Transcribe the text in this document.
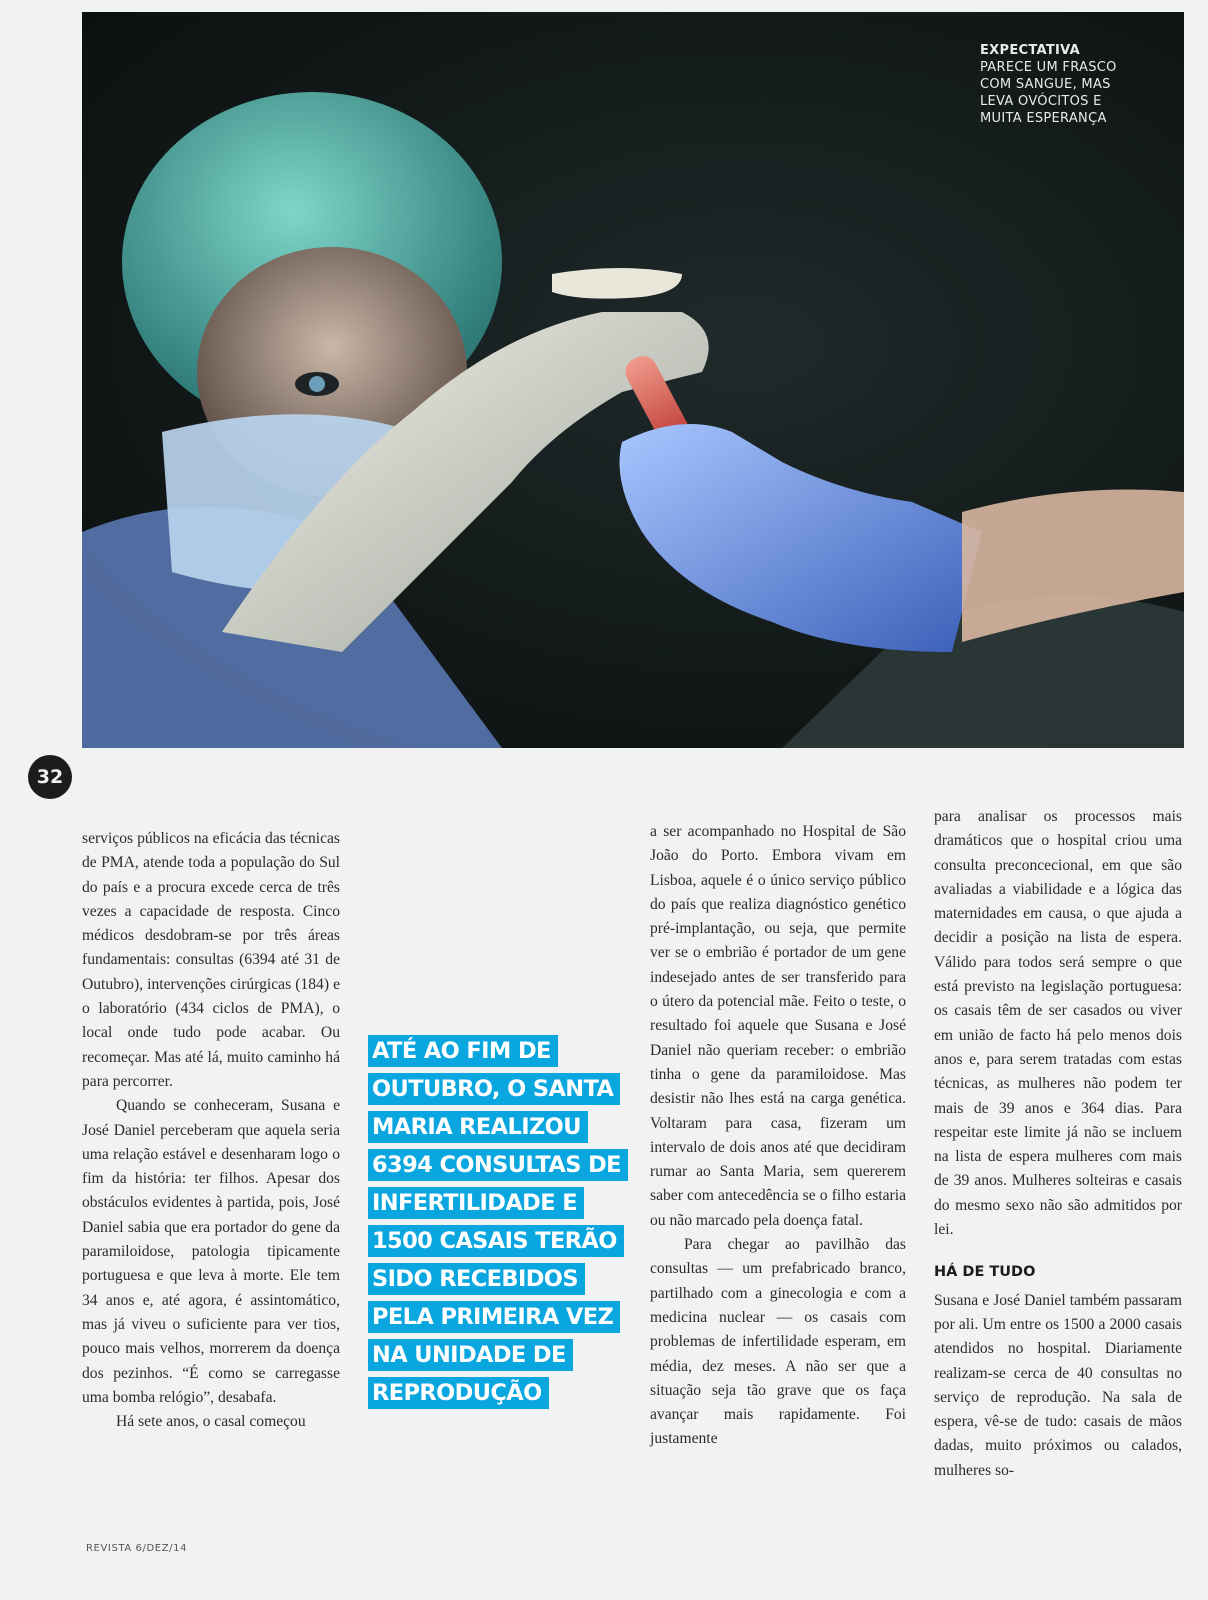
EXPECTATIVA
PARECE UM FRASCO COM SANGUE, MAS LEVA OVÓCITOS E MUITA ESPERANÇA
32

serviços públicos na eficácia das técnicas de PMA, atende toda a população do Sul do país e a procura excede cerca de três vezes a capacidade de resposta. Cinco médicos desdobram-se por três áreas fundamentais: consultas (6394 até 31 de Outubro), intervenções cirúrgicas (184) e o laboratório (434 ciclos de PMA), o local onde tudo pode acabar. Ou recomeçar. Mas até lá, muito caminho há para percorrer.

Quando se conheceram, Susana e José Daniel perceberam que aquela seria uma relação estável e desenharam logo o fim da história: ter filhos. Apesar dos obstáculos evidentes à partida, pois, José Daniel sabia que era portador do gene da paramiloidose, patologia tipicamente portuguesa e que leva à morte. Ele tem 34 anos e, até agora, é assintomático, mas já viveu o suficiente para ver tios, pouco mais velhos, morrerem da doença dos pezinhos. “É como se carregasse uma bomba relógio”, desabafa.

Há sete anos, o casal começou

ATÉ AO FIM DE OUTUBRO, O SANTA MARIA REALIZOU 6394 CONSULTAS DE INFERTILIDADE E 1500 CASAIS TERÃO SIDO RECEBIDOS PELA PRIMEIRA VEZ NA UNIDADE DE REPRODUÇÃO

a ser acompanhado no Hospital de São João do Porto. Embora vivam em Lisboa, aquele é o único serviço público do país que realiza diagnóstico genético pré-implantação, ou seja, que permite ver se o embrião é portador de um gene indesejado antes de ser transferido para o útero da potencial mãe. Feito o teste, o resultado foi aquele que Susana e José Daniel não queriam receber: o embrião tinha o gene da paramiloidose. Mas desistir não lhes está na carga genética. Voltaram para casa, fizeram um intervalo de dois anos até que decidiram rumar ao Santa Maria, sem quererem saber com antecedência se o filho estaria ou não marcado pela doença fatal.

Para chegar ao pavilhão das consultas — um prefabricado branco, partilhado com a ginecologia e com a medicina nuclear — os casais com problemas de infertilidade esperam, em média, dez meses. A não ser que a situação seja tão grave que os faça avançar mais rapidamente. Foi justamente

para analisar os processos mais dramáticos que o hospital criou uma consulta preconcecional, em que são avaliadas a viabilidade e a lógica das maternidades em causa, o que ajuda a decidir a posição na lista de espera. Válido para todos será sempre o que está previsto na legislação portuguesa: os casais têm de ser casados ou viver em união de facto há pelo menos dois anos e, para serem tratadas com estas técnicas, as mulheres não podem ter mais de 39 anos e 364 dias. Para respeitar este limite já não se incluem na lista de espera mulheres com mais de 39 anos. Mulheres solteiras e casais do mesmo sexo não são admitidos por lei.

HÁ DE TUDO

Susana e José Daniel também passaram por ali. Um entre os 1500 a 2000 casais atendidos no hospital. Diariamente realizam-se cerca de 40 consultas no serviço de reprodução. Na sala de espera, vê-se de tudo: casais de mãos dadas, muito próximos ou calados, mulheres so-

REVISTA 6/DEZ/14
